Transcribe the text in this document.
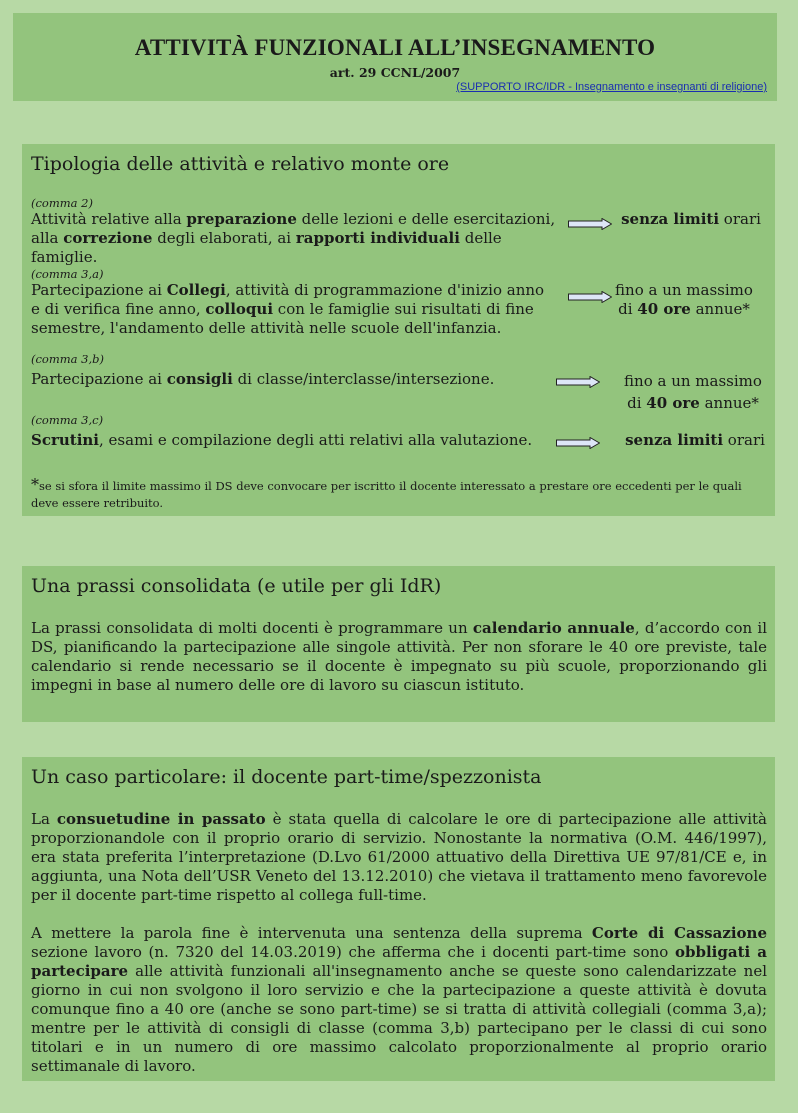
ATTIVITÀ FUNZIONALI ALL’INSEGNAMENTO
art. 29 CCNL/2007
(SUPPORTO IRC/IDR - Insegnamento e insegnanti di religione)
Tipologia delle attività e relativo monte ore
(comma 2)
Attività relative alla preparazione delle lezioni e delle esercitazioni,
alla correzione degli elaborati, ai rapporti individuali delle famiglie.
senza limiti orari
(comma 3,a)
Partecipazione ai Collegi, attività di programmazione d'inizio anno
e di verifica fine anno, colloqui con le famiglie sui risultati di fine
semestre, l'andamento delle attività nelle scuole dell'infanzia.
fino a un massimo
di 40 ore annue*
(comma 3,b)
Partecipazione ai consigli di classe/interclasse/intersezione.	fino a un massimo
di 40 ore annue*
(comma 3,c)
Scrutini, esami e compilazione degli atti relativi alla valutazione.	senza limiti orari
*se si sfora il limite massimo il DS deve convocare per iscritto il docente interessato a prestare ore eccedenti per le quali deve essere retribuito.
Una prassi consolidata (e utile per gli IdR)
La prassi consolidata di molti docenti è programmare un calendario annuale, d’accordo con il DS, pianificando la partecipazione alle singole attività. Per non sforare le 40 ore previste, tale calendario si rende necessario se il docente è impegnato su più scuole, proporzionando gli impegni in base al numero delle ore di lavoro su ciascun istituto.
Un caso particolare: il docente part-time/spezzonista
La consuetudine in passato è stata quella di calcolare le ore di partecipazione alle attività proporzionandole con il proprio orario di servizio. Nonostante la normativa (O.M. 446/1997), era stata preferita l’interpretazione (D.Lvo 61/2000 attuativo della Direttiva UE 97/81/CE e, in aggiunta, una Nota dell’USR Veneto del 13.12.2010) che vietava il trattamento meno favorevole per il docente part-time rispetto al collega full-time.
A mettere la parola fine è intervenuta una sentenza della suprema Corte di Cassazione sezione lavoro (n. 7320 del 14.03.2019) che afferma che i docenti part-time sono obbligati a partecipare alle attività funzionali all'insegnamento anche se queste sono calendarizzate nel giorno in cui non svolgono il loro servizio e che la partecipazione a queste attività è dovuta comunque fino a 40 ore (anche se sono part-time) se si tratta di attività collegiali (comma 3,a); mentre per le attività di consigli di classe (comma 3,b) partecipano per le classi di cui sono titolari e in un numero di ore massimo calcolato proporzionalmente al proprio orario settimanale di lavoro.
